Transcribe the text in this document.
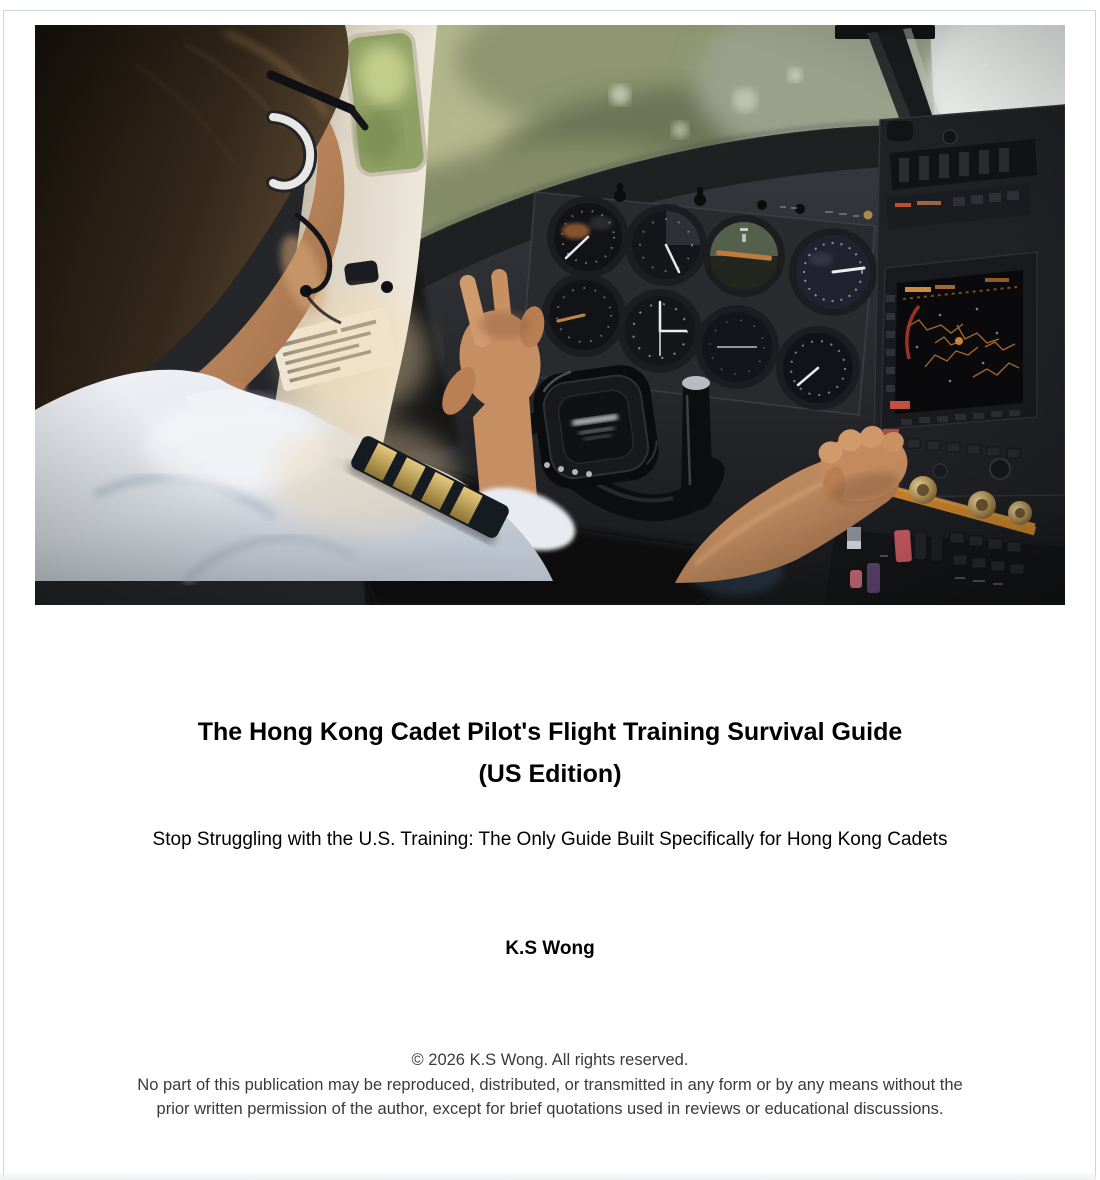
The Hong Kong Cadet Pilot's Flight Training Survival Guide
(US Edition)
Stop Struggling with the U.S. Training: The Only Guide Built Specifically for Hong Kong Cadets
K.S Wong
© 2026 K.S Wong. All rights reserved.
No part of this publication may be reproduced, distributed, or transmitted in any form or by any means without the prior written permission of the author, except for brief quotations used in reviews or educational discussions.
